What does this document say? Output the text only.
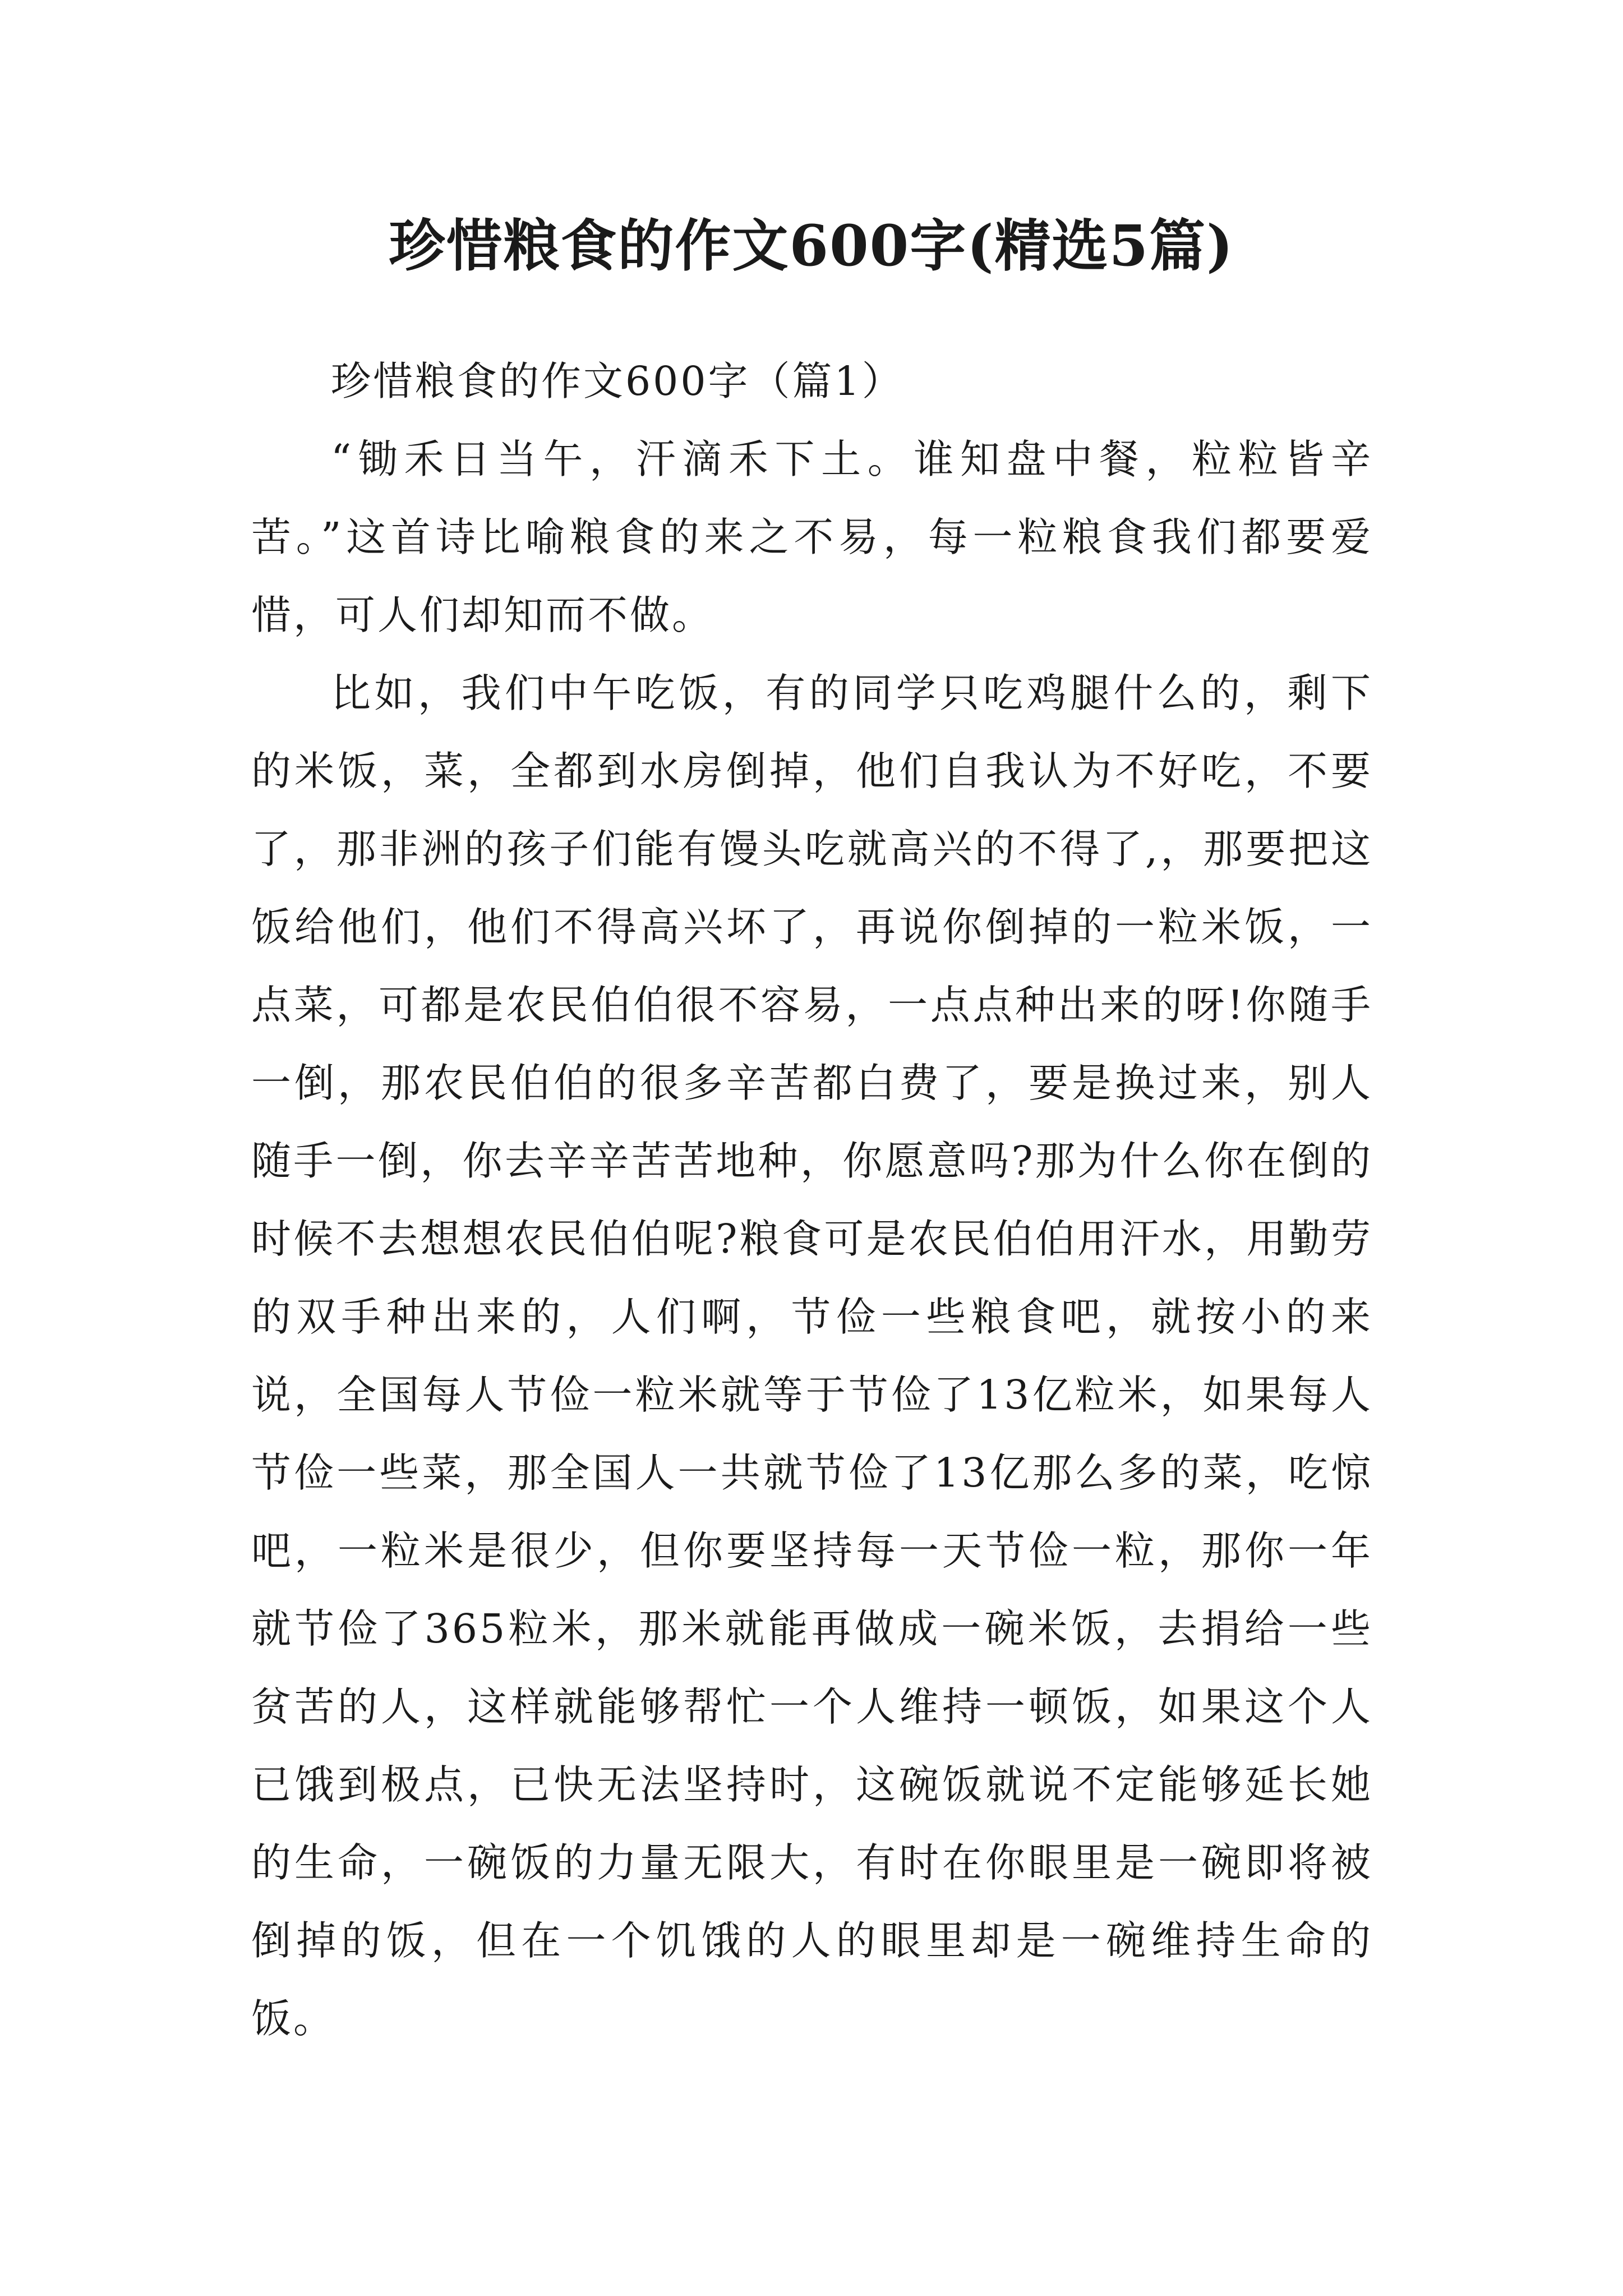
珍惜粮食的作文600字(精选5篇)

珍惜粮食的作文600字（篇1）

“锄禾日当午，汗滴禾下土。谁知盘中餐，粒粒皆辛苦。”这首诗比喻粮食的来之不易，每一粒粮食我们都要爱惜，可人们却知而不做。

比如，我们中午吃饭，有的同学只吃鸡腿什么的，剩下的米饭，菜，全都到水房倒掉，他们自我认为不好吃，不要了，那非洲的孩子们能有馒头吃就高兴的不得了,，那要把这饭给他们，他们不得高兴坏了，再说你倒掉的一粒米饭，一点菜，可都是农民伯伯很不容易，一点点种出来的呀!你随手一倒，那农民伯伯的很多辛苦都白费了，要是换过来，别人随手一倒，你去辛辛苦苦地种，你愿意吗?那为什么你在倒的时候不去想想农民伯伯呢?粮食可是农民伯伯用汗水，用勤劳的双手种出来的，人们啊，节俭一些粮食吧，就按小的来说，全国每人节俭一粒米就等于节俭了13亿粒米，如果每人节俭一些菜，那全国人一共就节俭了13亿那么多的菜，吃惊吧，一粒米是很少，但你要坚持每一天节俭一粒，那你一年就节俭了365粒米，那米就能再做成一碗米饭，去捐给一些贫苦的人，这样就能够帮忙一个人维持一顿饭，如果这个人已饿到极点，已快无法坚持时，这碗饭就说不定能够延长她的生命，一碗饭的力量无限大，有时在你眼里是一碗即将被倒掉的饭，但在一个饥饿的人的眼里却是一碗维持生命的饭。
